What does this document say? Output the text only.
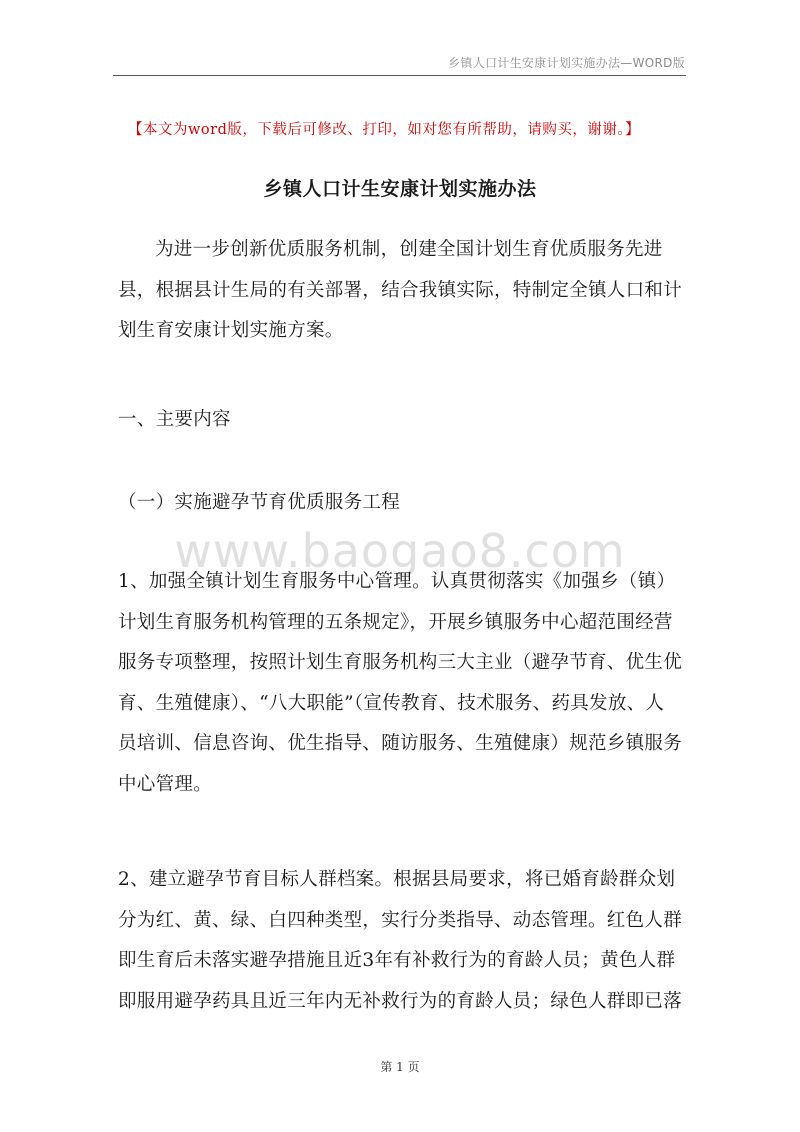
乡镇人口计生安康计划实施办法—WORD版
【本文为word版，下载后可修改、打印，如对您有所帮助，请购买，谢谢。】
乡镇人口计生安康计划实施办法
为进一步创新优质服务机制，创建全国计划生育优质服务先进
县，根据县计生局的有关部署，结合我镇实际，特制定全镇人口和计
划生育安康计划实施方案。
一、主要内容
（一）实施避孕节育优质服务工程
www.baogao8.com
1、加强全镇计划生育服务中心管理。认真贯彻落实《加强乡（镇）
计划生育服务机构管理的五条规定》，开展乡镇服务中心超范围经营
服务专项整理，按照计划生育服务机构三大主业（避孕节育、优生优
育、生殖健康）、“八大职能”（宣传教育、技术服务、药具发放、人
员培训、信息咨询、优生指导、随访服务、生殖健康）规范乡镇服务
中心管理。
2、建立避孕节育目标人群档案。根据县局要求，将已婚育龄群众划
分为红、黄、绿、白四种类型，实行分类指导、动态管理。红色人群
即生育后未落实避孕措施且近3年有补救行为的育龄人员；黄色人群
即服用避孕药具且近三年内无补救行为的育龄人员；绿色人群即已落
第 1 页
